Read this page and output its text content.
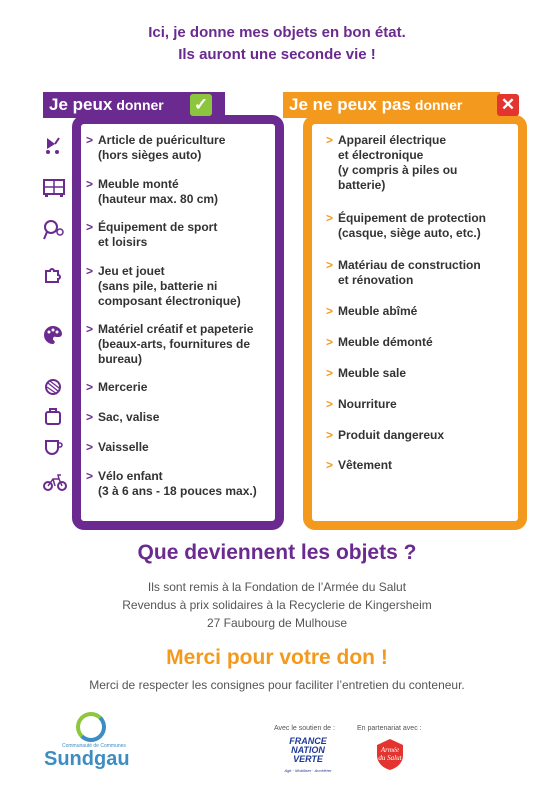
Ici, je donne mes objets en bon état.
Ils auront une seconde vie !
Je peux donner ✓	Je ne peux pas donner ✕
> Article de puériculture
(hors sièges auto)
> Meuble monté
(hauteur max. 80 cm)
> Équipement de sport
et loisirs
> Jeu et jouet
(sans pile, batterie ni
composant électronique)
> Matériel créatif et papeterie
(beaux-arts, fournitures de
bureau)
> Mercerie
> Sac, valise
> Vaisselle
> Vélo enfant
(3 à 6 ans - 18 pouces max.)
> Appareil électrique
et électronique
(y compris à piles ou
batterie)
> Équipement de protection
(casque, siège auto, etc.)
> Matériau de construction
et rénovation
> Meuble abîmé
> Meuble démonté
> Meuble sale
> Nourriture
> Produit dangereux
> Vêtement
Que deviennent les objets ?
Ils sont remis à la Fondation de l’Armée du Salut
Revendus à prix solidaires à la Recyclerie de Kingersheim
27 Faubourg de Mulhouse
Merci pour votre don !
Merci de respecter les consignes pour faciliter l’entretien du conteneur.
Communauté de Communes
Sundgau
Avec le soutien de :
FRANCE
NATION
VERTE
Agir · Mobiliser · Accélérer
En partenariat avec :
Armée
du Salut
